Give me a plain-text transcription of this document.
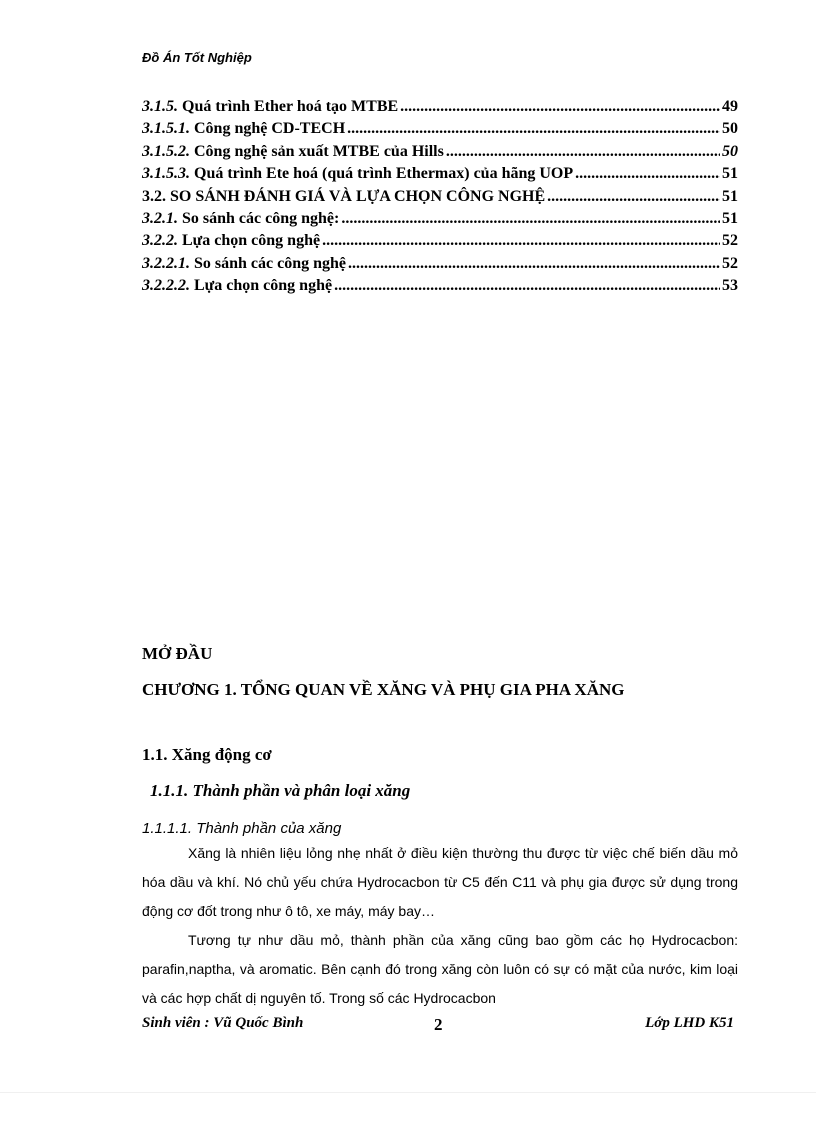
Đồ Án Tốt Nghiệp
3.1.5. Quá trình Ether hoá tạo MTBE .....	49
3.1.5.1. Công nghệ CD-TECH .....	50
3.1.5.2. Công nghệ sản xuất MTBE của Hills .....	50
3.1.5.3. Quá trình Ete hoá (quá trình Ethermax) của hãng UOP .....	51
3.2. SO SÁNH ĐÁNH GIÁ VÀ LỰA CHỌN CÔNG NGHỆ .....	51
3.2.1. So sánh các công nghệ: .....	51
3.2.2. Lựa chọn công nghệ .....	52
3.2.2.1. So sánh các công nghệ .....	52
3.2.2.2. Lựa chọn công nghệ .....	53
MỞ ĐẦU
CHƯƠNG 1. TỔNG QUAN VỀ XĂNG VÀ PHỤ GIA PHA XĂNG
1.1. Xăng động cơ
1.1.1. Thành phần và phân loại xăng
1.1.1.1. Thành phần của xăng

Xăng là nhiên liệu lỏng nhẹ nhất ở điều kiện thường thu được từ việc chế biến dầu mỏ hóa dầu và khí. Nó chủ yếu chứa Hydrocacbon từ C5 đến C11 và phụ gia được sử dụng trong động cơ đốt trong như ô tô, xe máy, máy bay…

Tương tự như dầu mỏ, thành phần của xăng cũng bao gồm các họ Hydrocacbon: parafin,naptha, và aromatic. Bên cạnh đó trong xăng còn luôn có sự có mặt của nước, kim loại và các hợp chất dị nguyên tố. Trong số các Hydrocacbon

Sinh viên : Vũ Quốc Bình	2	Lớp LHD K51
